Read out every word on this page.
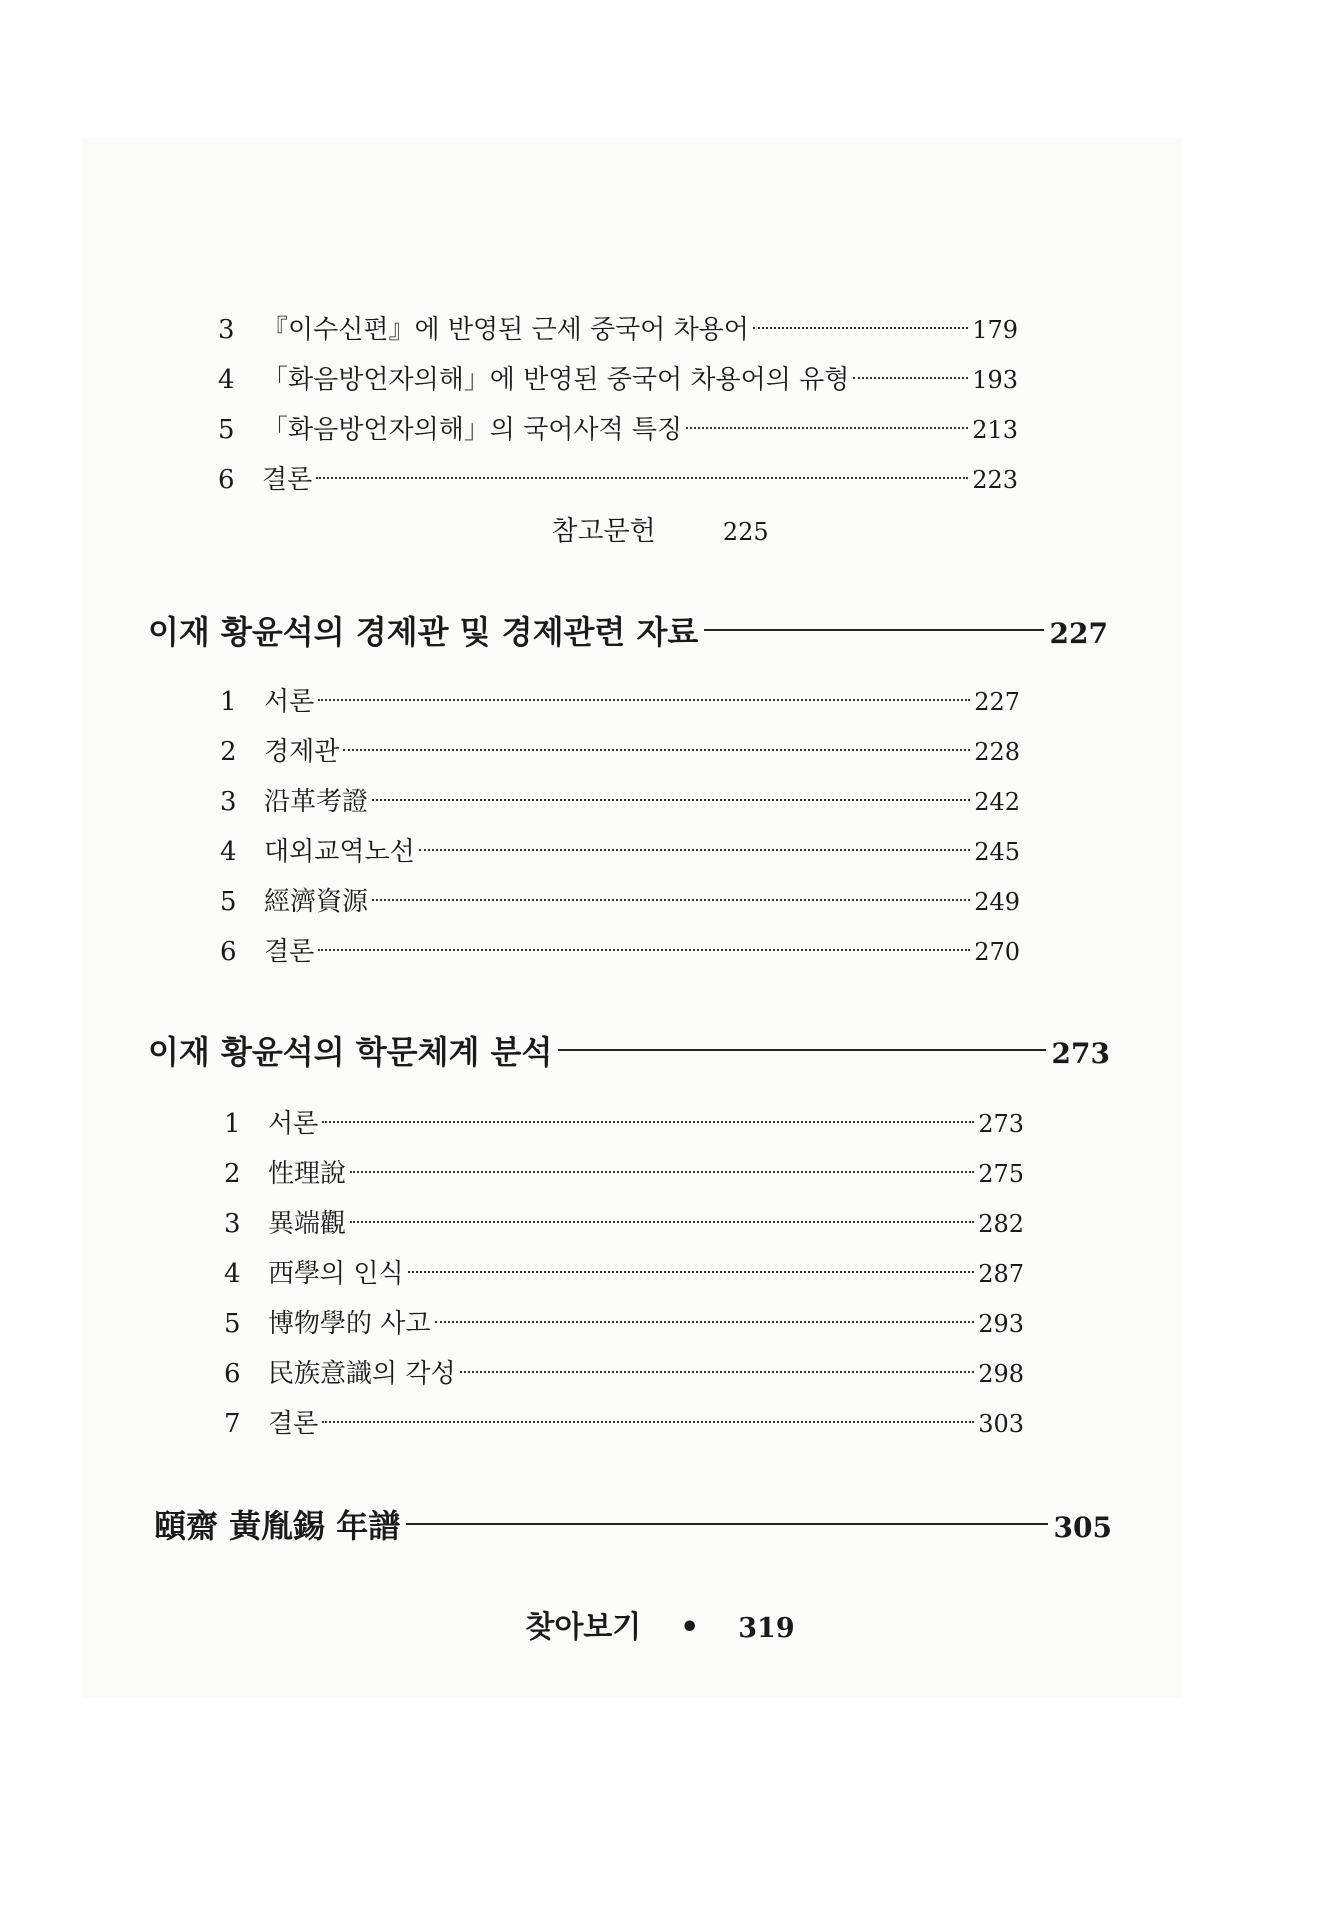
3	『이수신편』에 반영된 근세 중국어 차용어	179
4	「화음방언자의해」에 반영된 중국어 차용어의 유형	193
5	「화음방언자의해」의 국어사적 특징	213
6	결론	223
참고문헌	225
이재 황윤석의 경제관 및 경제관련 자료	227
1	서론	227
2	경제관	228
3	沿革考證	242
4	대외교역노선	245
5	經濟資源	249
6	결론	270
이재 황윤석의 학문체계 분석	273
1	서론	273
2	性理說	275
3	異端觀	282
4	西學의 인식	287
5	博物學的 사고	293
6	民族意識의 각성	298
7	결론	303
頤齋 黃胤錫 年譜	305
찾아보기 • 319
